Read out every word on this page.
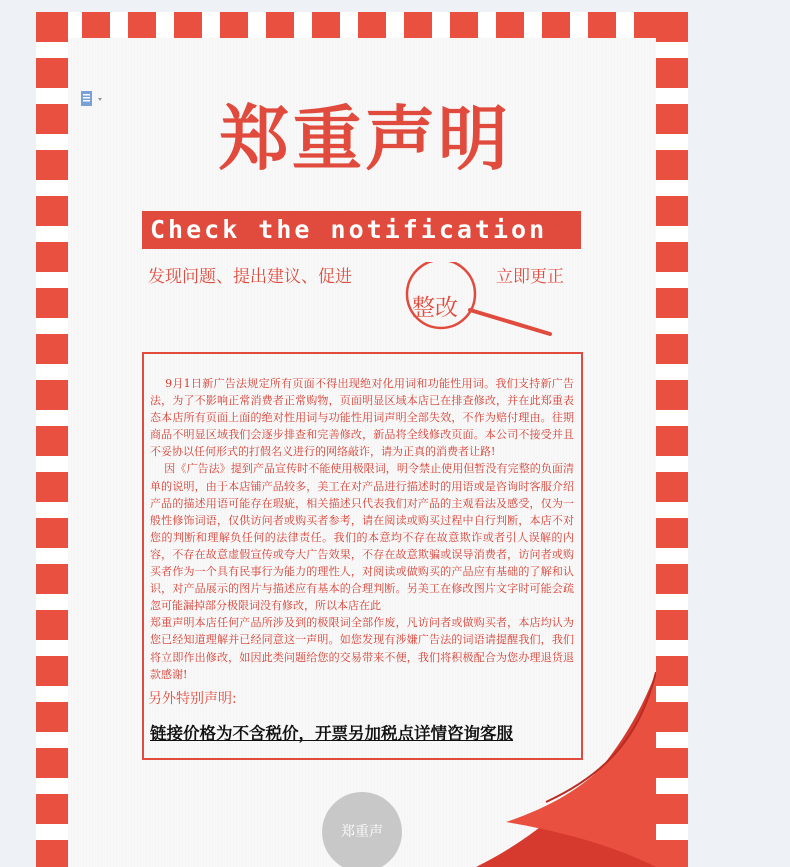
郑重声明
Check the notification
发现问题、提出建议、促进
整改
立即更正

9月1日新广告法规定所有页面不得出现绝对化用词和功能性用词。我们支持新广告法，为了不影响正常消费者正常购物，页面明显区域本店已在排查修改，并在此郑重表态本店所有页面上面的绝对性用词与功能性用词声明全部失效，不作为赔付理由。往期商品不明显区域我们会逐步排查和完善修改，新品将全线修改页面。本公司不接受并且不妥协以任何形式的打假名义进行的网络敲诈，请为正真的消费者让路!
因《广告法》提到产品宣传时不能使用极限词，明令禁止使用但暂没有完整的负面清单的说明，由于本店铺产品较多，美工在对产品进行描述时的用语或是咨询时客服介绍产品的描述用语可能存在瑕疵，相关描述只代表我们对产品的主观看法及感受，仅为一般性修饰词语，仅供访问者或购买者参考，请在阅读或购买过程中自行判断，本店不对您的判断和理解负任何的法律责任。我们的本意均不存在故意欺诈或者引人误解的内容，不存在故意虚假宣传或夸大广告效果，不存在故意欺骗或误导消费者，访问者或购买者作为一个具有民事行为能力的理性人，对阅读或做购买的产品应有基础的了解和认识，对产品展示的图片与描述应有基本的合理判断。另美工在修改图片文字时可能会疏忽可能漏掉部分极限词没有修改，所以本店在此
郑重声明本店任何产品所涉及到的极限词全部作废，凡访问者或做购买者，本店均认为您已经知道理解并已经同意这一声明。如您发现有涉嫌广告法的词语请提醒我们，我们将立即作出修改，如因此类问题给您的交易带来不便，我们将积极配合为您办理退货退款感谢!

另外特别声明:
链接价格为不含税价，开票另加税点详情咨询客服
郑重声
